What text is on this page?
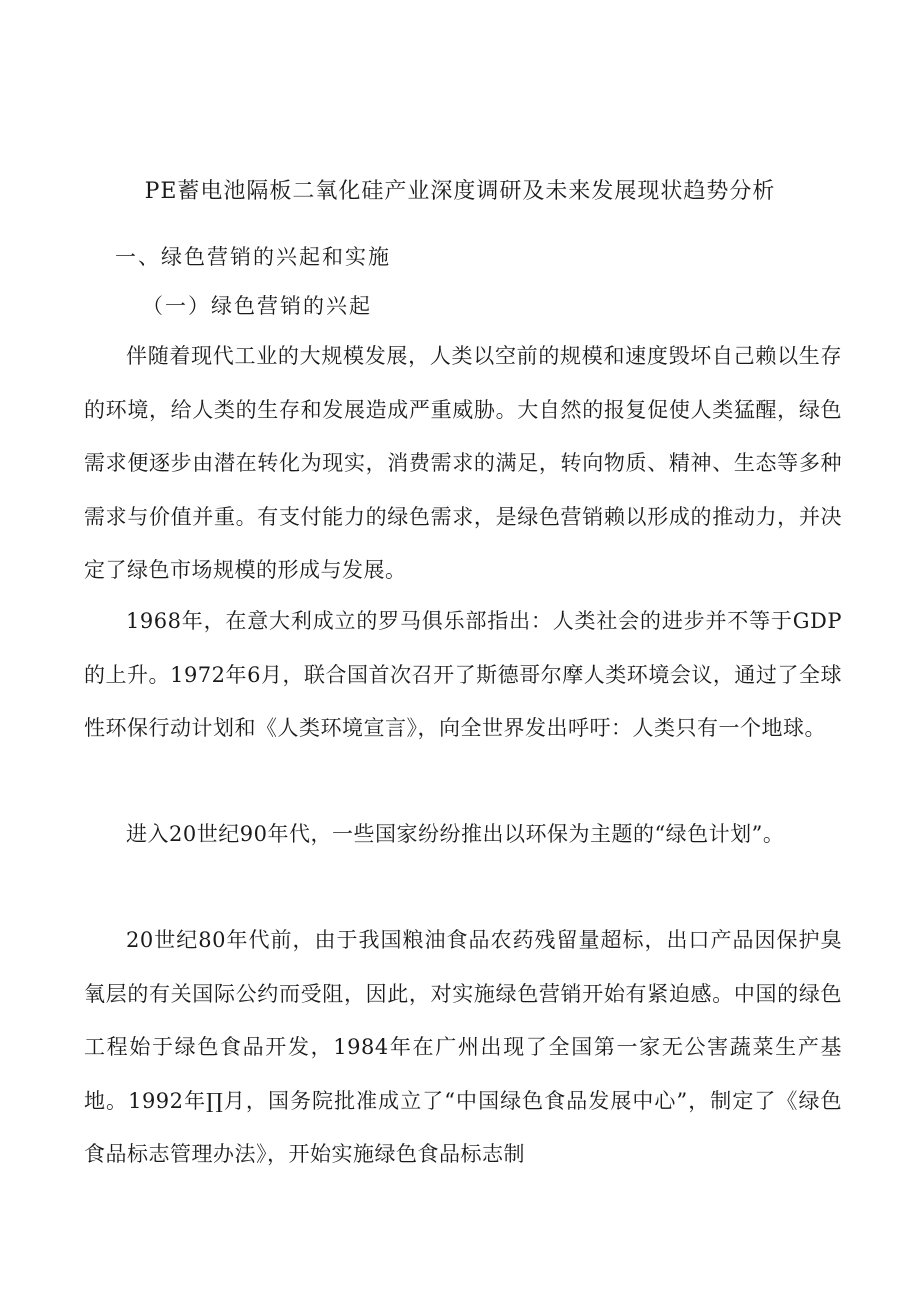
PE蓄电池隔板二氧化硅产业深度调研及未来发展现状趋势分析
一、绿色营销的兴起和实施
（一）绿色营销的兴起

伴随着现代工业的大规模发展，人类以空前的规模和速度毁坏自己赖以生存的环境，给人类的生存和发展造成严重威胁。大自然的报复促使人类猛醒，绿色需求便逐步由潜在转化为现实，消费需求的满足，转向物质、精神、生态等多种需求与价值并重。有支付能力的绿色需求，是绿色营销赖以形成的推动力，并决定了绿色市场规模的形成与发展。

1968年，在意大利成立的罗马俱乐部指出：人类社会的进步并不等于GDP的上升。1972年6月，联合国首次召开了斯德哥尔摩人类环境会议，通过了全球性环保行动计划和《人类环境宣言》，向全世界发出呼吁：人类只有一个地球。

进入20世纪90年代，一些国家纷纷推出以环保为主题的“绿色计划”。

20世纪80年代前，由于我国粮油食品农药残留量超标，出口产品因保护臭氧层的有关国际公约而受阻，因此，对实施绿色营销开始有紧迫感。中国的绿色工程始于绿色食品开发，1984年在广州出现了全国第一家无公害蔬菜生产基地。1992年∏月，国务院批准成立了“中国绿色食品发展中心”，制定了《绿色食品标志管理办法》，开始实施绿色食品标志制
